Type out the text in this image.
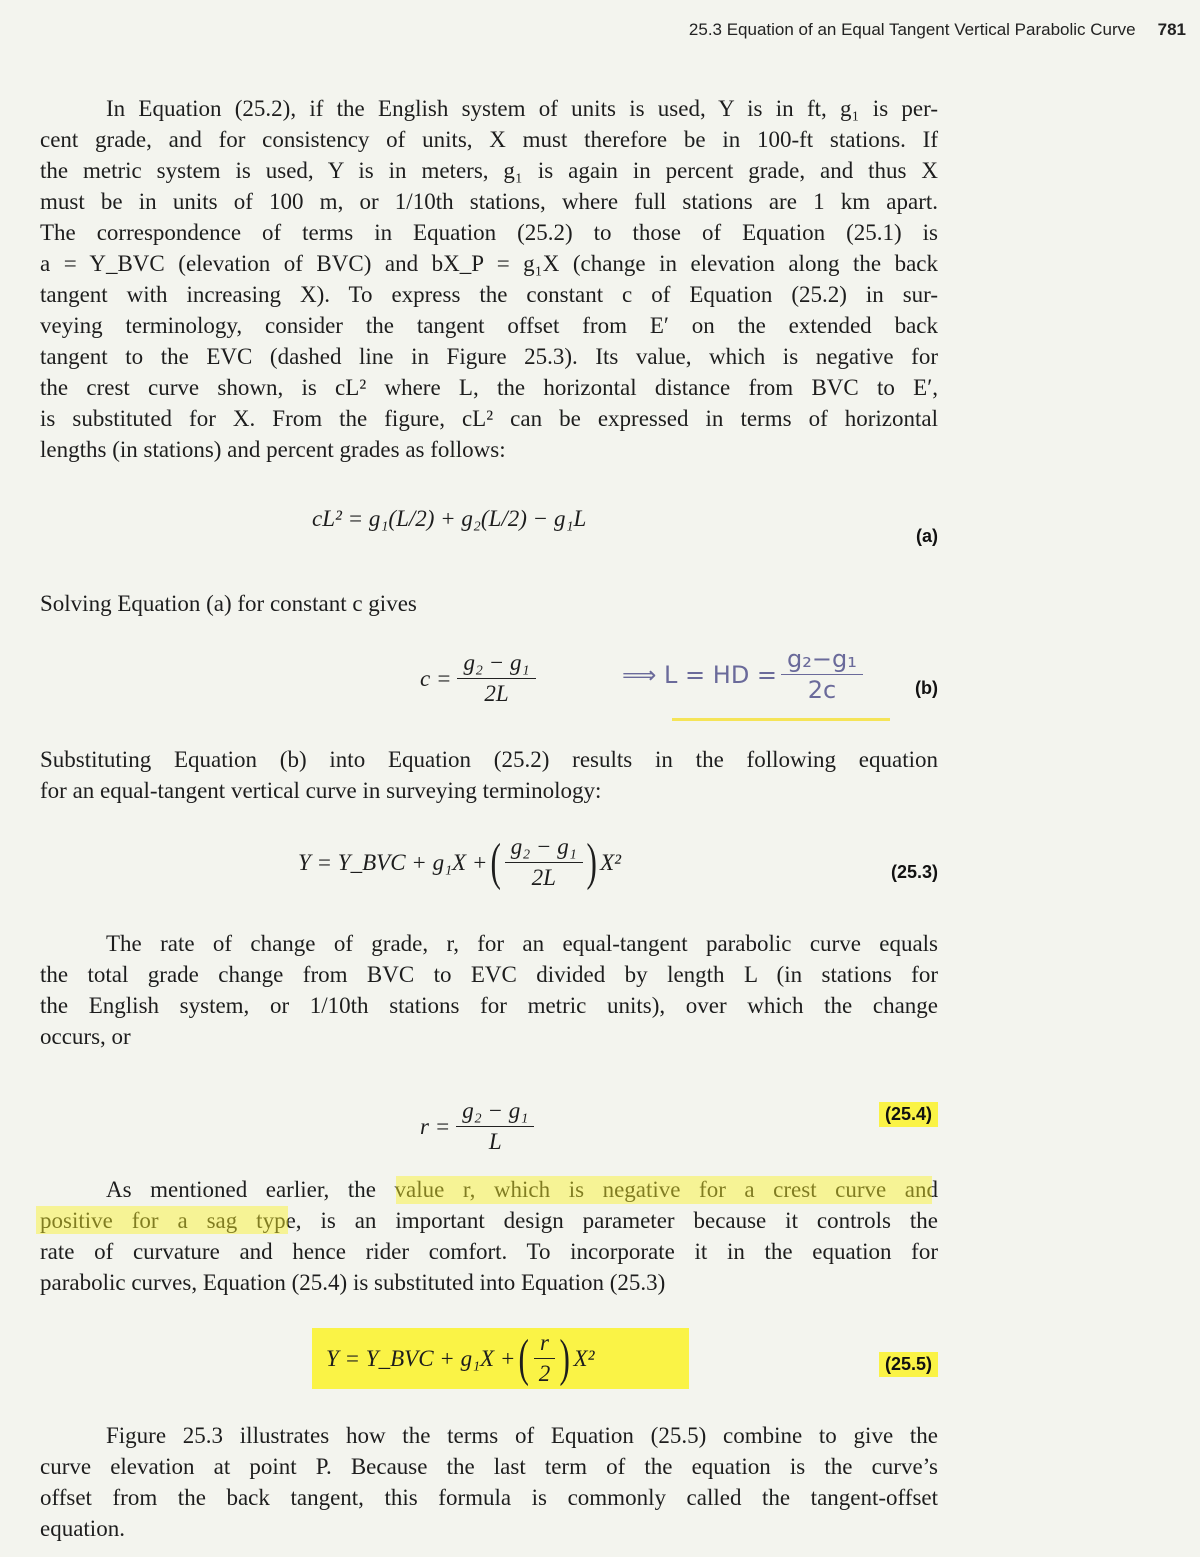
25.3 Equation of an Equal Tangent Vertical Parabolic Curve 781
In Equation (25.2), if the English system of units is used, Y is in ft, g₁ is per-
cent grade, and for consistency of units, X must therefore be in 100-ft stations. If
the metric system is used, Y is in meters, g₁ is again in percent grade, and thus X
must be in units of 100 m, or 1/10th stations, where full stations are 1 km apart.
The correspondence of terms in Equation (25.2) to those of Equation (25.1) is
a = Y_BVC (elevation of BVC) and bX_P = g₁X (change in elevation along the back
tangent with increasing X). To express the constant c of Equation (25.2) in sur-
veying terminology, consider the tangent offset from E′ on the extended back
tangent to the EVC (dashed line in Figure 25.3). Its value, which is negative for
the crest curve shown, is cL² where L, the horizontal distance from BVC to E′,
is substituted for X. From the figure, cL² can be expressed in terms of horizontal
lengths (in stations) and percent grades as follows:
cL² = g₁(L/2) + g₂(L/2) − g₁L
(a)
Solving Equation (a) for constant c gives
$c = \frac{\text{g₂ − g₁}}{2L}$	(b)
⟹ L = HD = $\frac{\text{g₂−g₁}}{2c}$
Substituting Equation (b) into Equation (25.2) results in the following equation
for an equal-tangent vertical curve in surveying terminology:
Y = Y_BVC + g₁X + ( $\frac{\text{g₂ − g₁}}{2L}$ ) X²	(25.3)
The rate of change of grade, r, for an equal-tangent parabolic curve equals
the total grade change from BVC to EVC divided by length L (in stations for
the English system, or 1/10th stations for metric units), over which the change
occurs, or
$r = \frac{\text{g₂ − g₁}}{L}$	(25.4)
As mentioned earlier, the value r, which is negative for a crest curve and
positive for a sag type, is an important design parameter because it controls the
rate of curvature and hence rider comfort. To incorporate it in the equation for
parabolic curves, Equation (25.4) is substituted into Equation (25.3)
Y = Y_BVC + g₁X + ( $\frac{r}{2}$ ) X²	(25.5)
Figure 25.3 illustrates how the terms of Equation (25.5) combine to give the
curve elevation at point P. Because the last term of the equation is the curve’s
offset from the back tangent, this formula is commonly called the tangent-offset
equation.
